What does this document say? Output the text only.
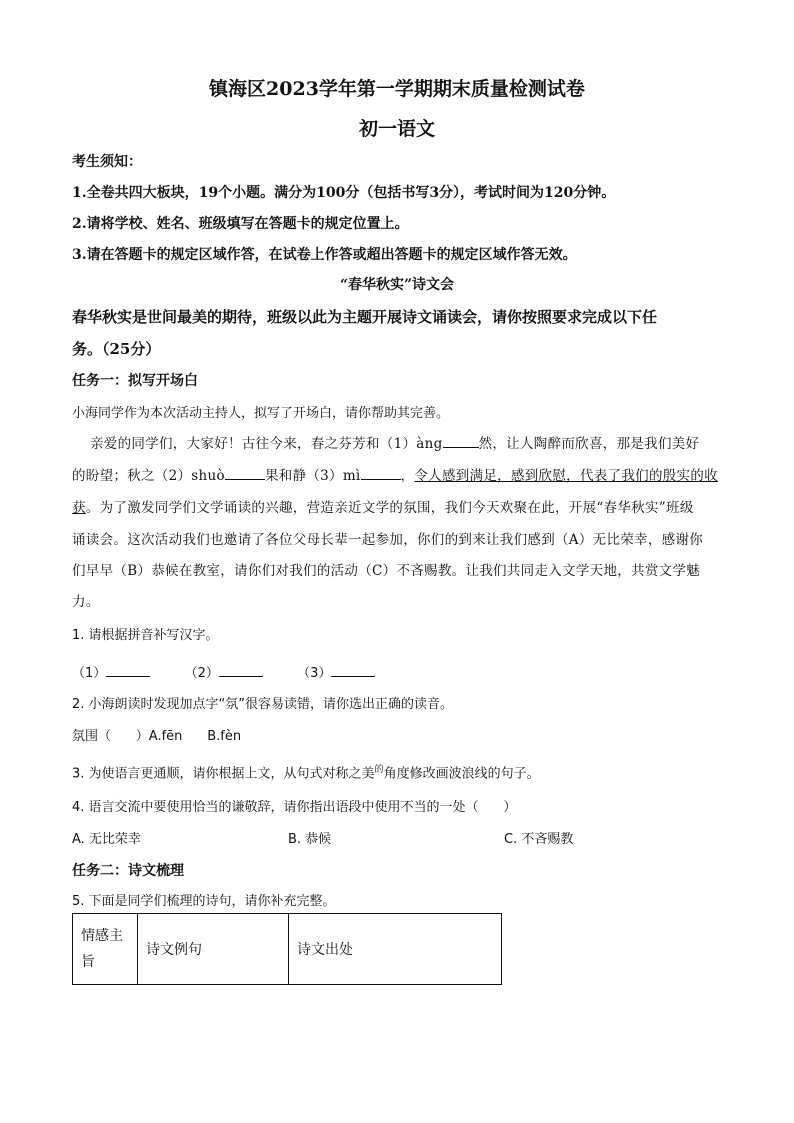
镇海区2023学年第一学期期末质量检测试卷
初一语文
考生须知：
1.全卷共四大板块，19个小题。满分为100分（包括书写3分），考试时间为120分钟。
2.请将学校、姓名、班级填写在答题卡的规定位置上。
3.请在答题卡的规定区域作答，在试卷上作答或超出答题卡的规定区域作答无效。
“春华秋实”诗文会
春华秋实是世间最美的期待，班级以此为主题开展诗文诵读会，请你按照要求完成以下任
务。（25分）
任务一：拟写开场白
小海同学作为本次活动主持人，拟写了开场白，请你帮助其完善。
亲爱的同学们，大家好！古往今来，春之芬芳和（1）àng	然，让人陶醉而欣喜，那是我们美好
的盼望；秋之（2）shuò	果和静（3）mì	，令人感到满足，感到欣慰，代表了我们的殷实的收
获。为了激发同学们文学诵读的兴趣，营造亲近文学的氛围，我们今天欢聚在此，开展“春华秋实”班级
诵读会。这次活动我们也邀请了各位父母长辈一起参加，你们的到来让我们感到（A）无比荣幸，感谢你
们早早（B）恭候在教室，请你们对我们的活动（C）不吝赐教。让我们共同走入文学天地，共赏文学魅
力。
1. 请根据拼音补写汉字。
（1）	（2）	（3）
2. 小海朗读时发现加点字“氛”很容易读错，请你选出正确的读音。
氛围（      ）A.fēn      B.fèn
3. 为使语言更通顺，请你根据上文，从句式对称之美$^的$角度修改画波浪线的句子。
4. 语言交流中要使用恰当的谦敬辞，请你指出语段中使用不当的一处（      ）
A. 无比荣幸	B. 恭候	C. 不吝赐教
任务二：诗文梳理
5. 下面是同学们梳理的诗句，请你补充完整。
情感主旨	诗文例句	诗文出处
